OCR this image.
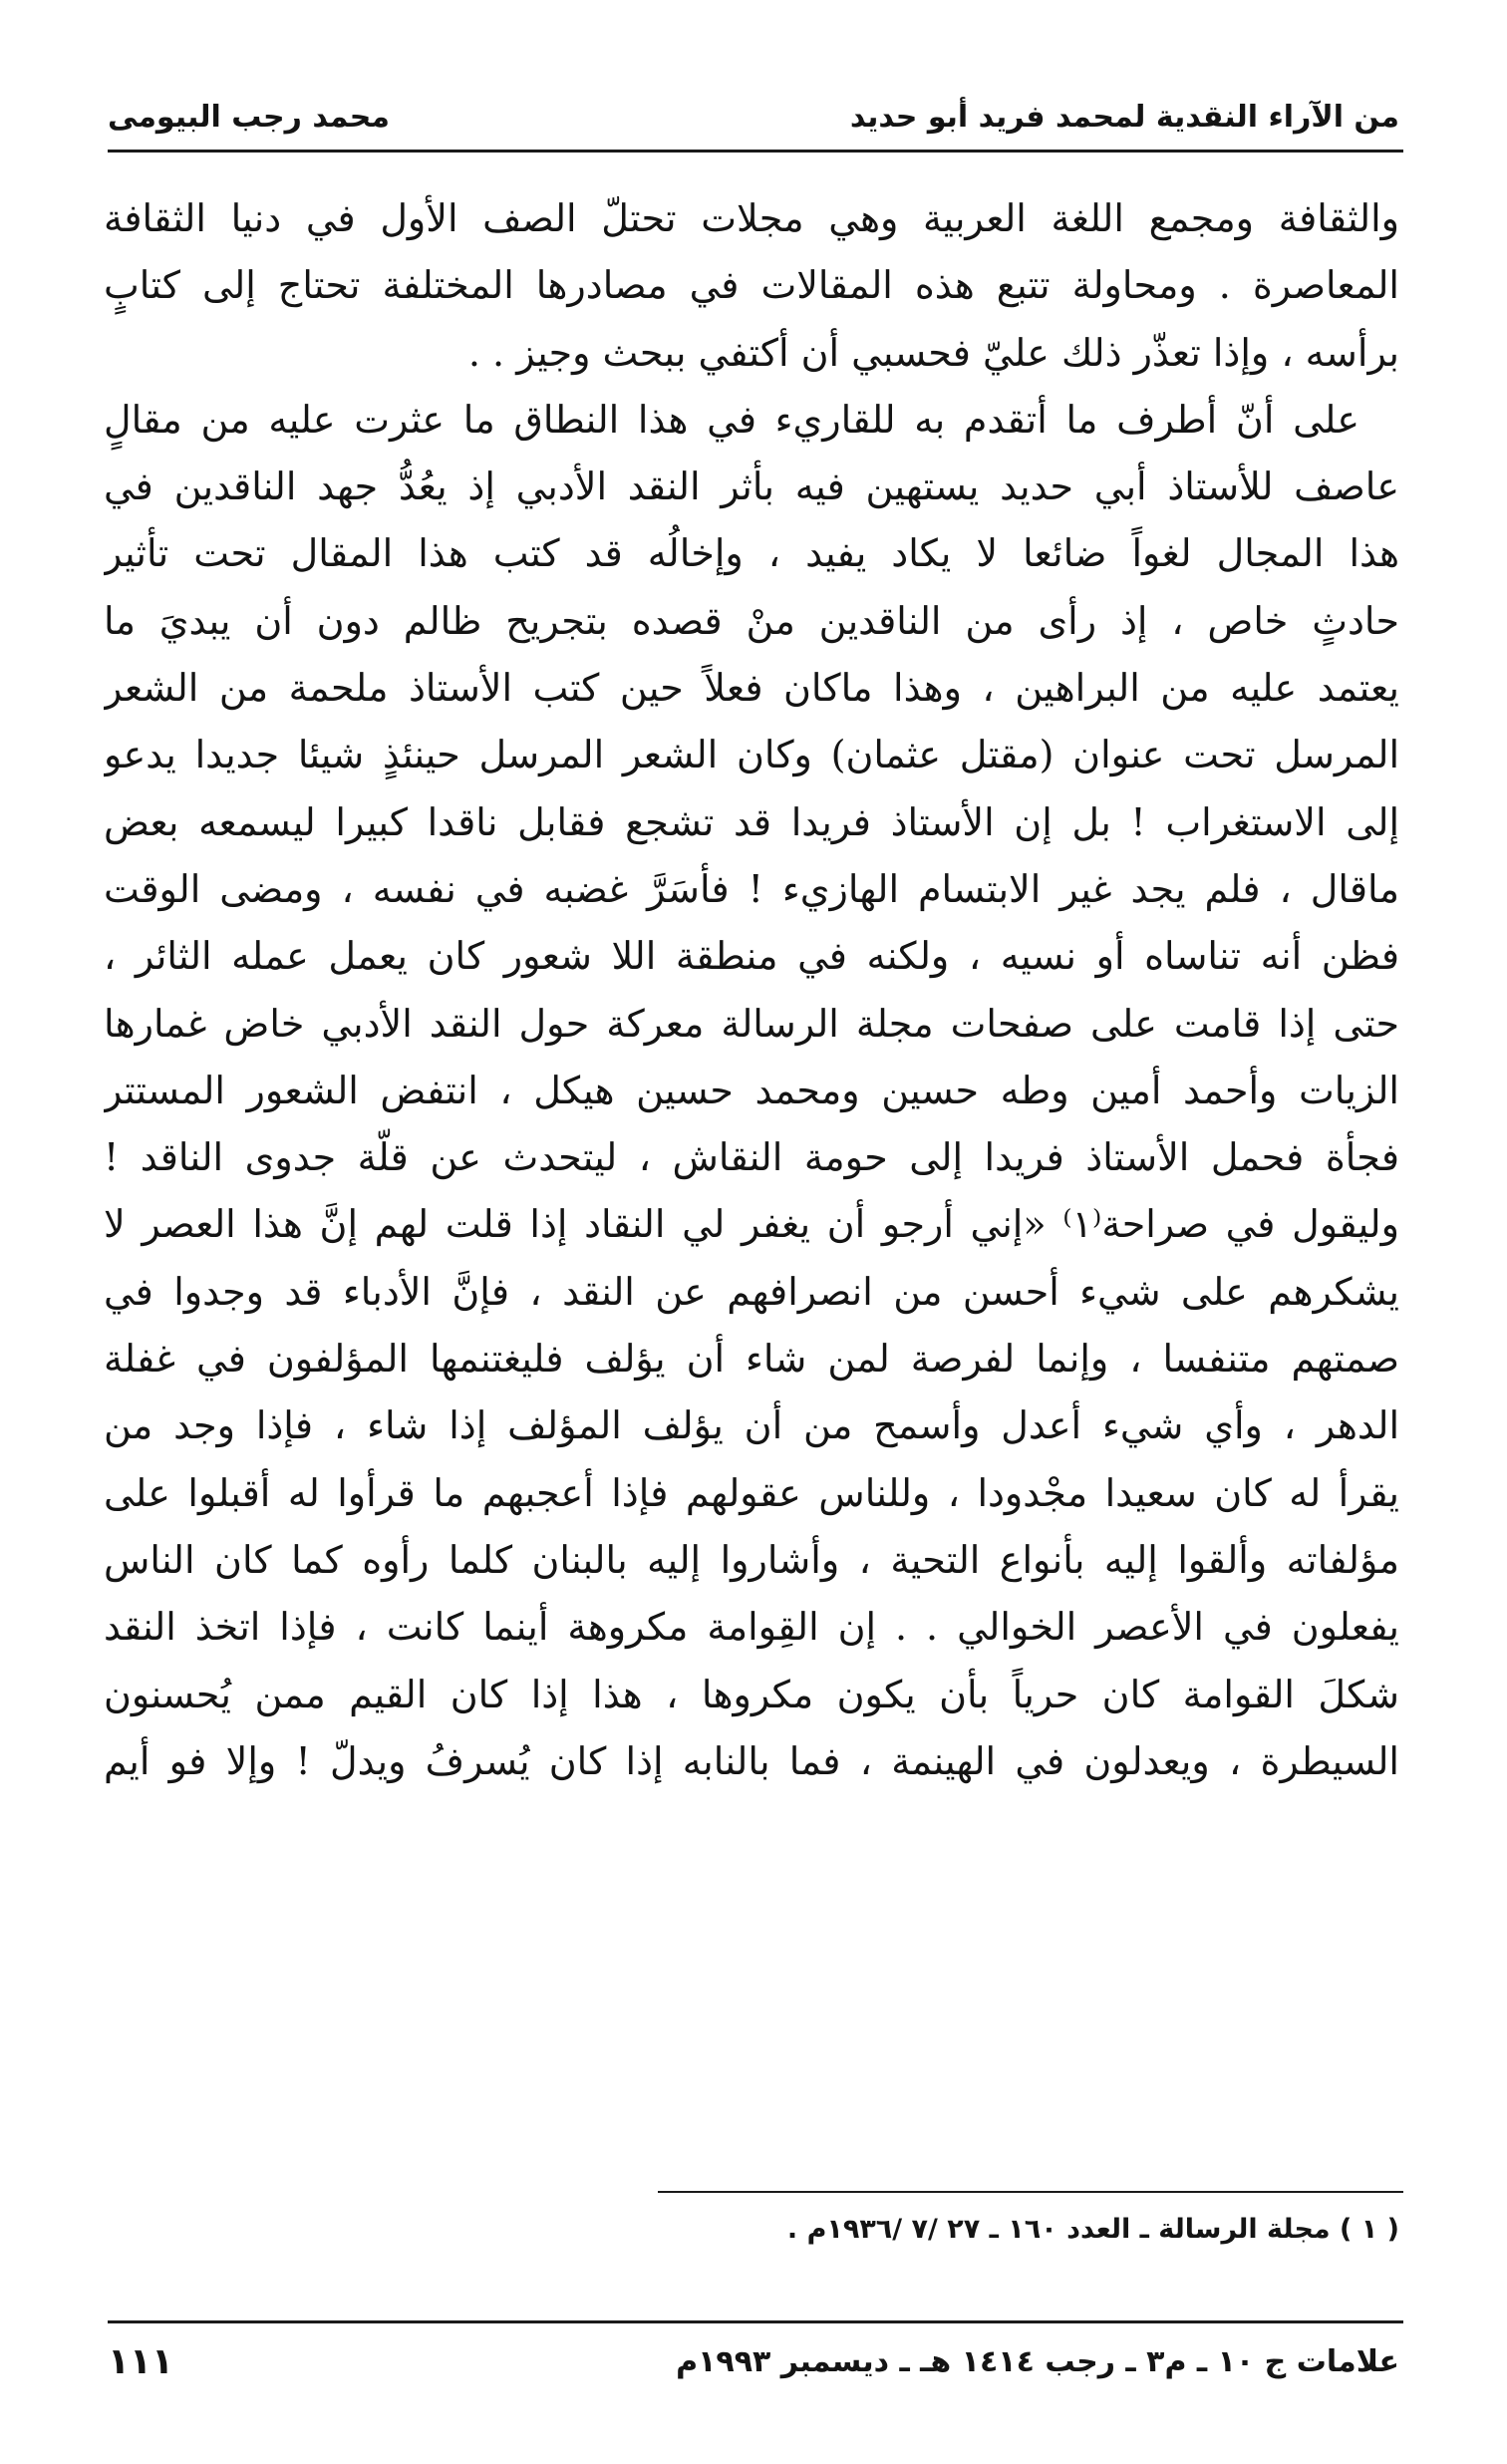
من الآراء النقدية لمحمد فريد أبو حديد
محمد رجب البيومى
والثقافة ومجمع اللغة العربية وهي مجلات تحتلّ الصف الأول في دنيا الثقافة
المعاصرة . ومحاولة تتبع هذه المقالات في مصادرها المختلفة تحتاج إلى كتابٍ
برأسه ، وإذا تعذّر ذلك عليّ فحسبي أن أكتفي ببحث وجيز . .
على أنّ أطرف ما أتقدم به للقاريء في هذا النطاق ما عثرت عليه من مقالٍ
عاصف للأستاذ أبي حديد يستهين فيه بأثر النقد الأدبي إذ يعُدُّ جهد الناقدين في
هذا المجال لغواً ضائعا لا يكاد يفيد ، وإخالُه قد كتب هذا المقال تحت تأثير
حادثٍ خاص ، إذ رأى من الناقدين منْ قصده بتجريح ظالم دون أن يبديَ ما
يعتمد عليه من البراهين ، وهذا ماكان فعلاً حين كتب الأستاذ ملحمة من الشعر
المرسل تحت عنوان (مقتل عثمان) وكان الشعر المرسل حينئذٍ شيئا جديدا يدعو
إلى الاستغراب ! بل إن الأستاذ فريدا قد تشجع فقابل ناقدا كبيرا ليسمعه بعض
ماقال ، فلم يجد غير الابتسام الهازيء ! فأسَرَّ غضبه في نفسه ، ومضى الوقت
فظن أنه تناساه أو نسيه ، ولكنه في منطقة اللا شعور كان يعمل عمله الثائر ،
حتى إذا قامت على صفحات مجلة الرسالة معركة حول النقد الأدبي خاض غمارها
الزيات وأحمد أمين وطه حسين ومحمد حسين هيكل ، انتفض الشعور المستتر
فجأة فحمل الأستاذ فريدا إلى حومة النقاش ، ليتحدث عن قلّة جدوى الناقد !
وليقول في صراحة⁽١⁾ «إني أرجو أن يغفر لي النقاد إذا قلت لهم إنَّ هذا العصر لا
يشكرهم على شيء أحسن من انصرافهم عن النقد ، فإنَّ الأدباء قد وجدوا في
صمتهم متنفسا ، وإنما لفرصة لمن شاء أن يؤلف فليغتنمها المؤلفون في غفلة
الدهر ، وأي شيء أعدل وأسمح من أن يؤلف المؤلف إذا شاء ، فإذا وجد من
يقرأ له كان سعيدا مجْدودا ، وللناس عقولهم فإذا أعجبهم ما قرأوا له أقبلوا على
مؤلفاته وألقوا إليه بأنواع التحية ، وأشاروا إليه بالبنان كلما رأوه كما كان الناس
يفعلون في الأعصر الخوالي . . إن القِوامة مكروهة أينما كانت ، فإذا اتخذ النقد
شكلَ القوامة كان حرياً بأن يكون مكروها ، هذا إذا كان القيم ممن يُحسنون
السيطرة ، ويعدلون في الهينمة ، فما بالنابه إذا كان يُسرفُ ويدلّ ! وإلا فو أيم
( ١ ) مجلة الرسالة ـ العدد ١٦٠ ـ ٢٧ /٧ /١٩٣٦م .
علامات ج ١٠ ـ م٣ ـ رجب ١٤١٤ هـ ـ ديسمبر ١٩٩٣م
١١١
